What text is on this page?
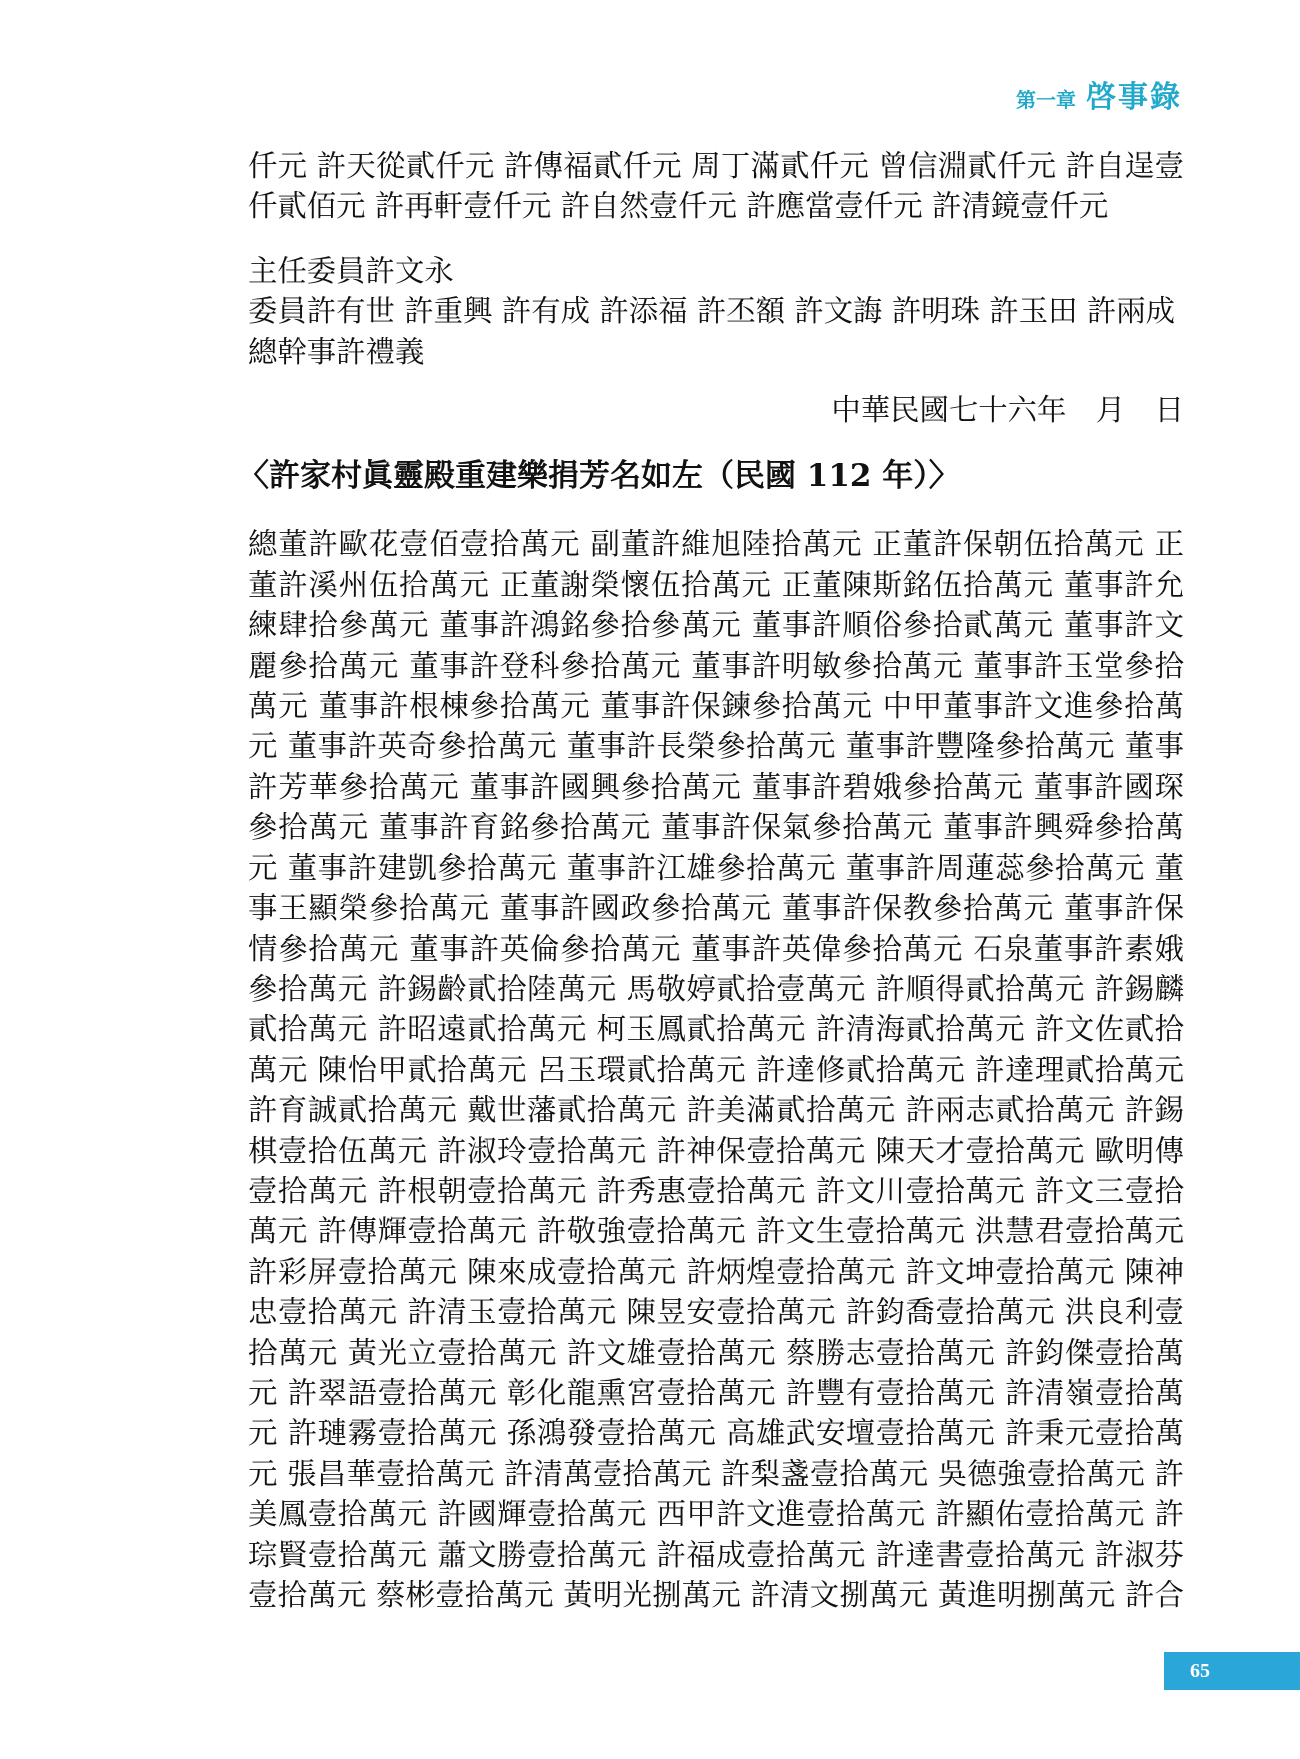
第一章 啓事錄
仟元 許天從貳仟元 許傳福貳仟元 周丁滿貳仟元 曾信淵貳仟元 許自逞壹
仟貳佰元 許再軒壹仟元 許自然壹仟元 許應當壹仟元 許清鏡壹仟元
主任委員許文永
委員許有世 許重興 許有成 許添福 許丕額 許文誨 許明珠 許玉田 許兩成
總幹事許禮義
中華民國七十六年　月　日
〈許家村眞靈殿重建樂捐芳名如左（民國 112 年）〉
總董許歐花壹佰壹拾萬元 副董許維旭陸拾萬元 正董許保朝伍拾萬元 正
董許溪州伍拾萬元 正董謝榮懷伍拾萬元 正董陳斯銘伍拾萬元 董事許允
練肆拾參萬元 董事許鴻銘參拾參萬元 董事許順俗參拾貳萬元 董事許文
麗參拾萬元 董事許登科參拾萬元 董事許明敏參拾萬元 董事許玉堂參拾
萬元 董事許根棟參拾萬元 董事許保鍊參拾萬元 中甲董事許文進參拾萬
元 董事許英奇參拾萬元 董事許長榮參拾萬元 董事許豐隆參拾萬元 董事
許芳華參拾萬元 董事許國興參拾萬元 董事許碧娥參拾萬元 董事許國琛
參拾萬元 董事許育銘參拾萬元 董事許保氣參拾萬元 董事許興舜參拾萬
元 董事許建凱參拾萬元 董事許江雄參拾萬元 董事許周蓮蕊參拾萬元 董
事王顯榮參拾萬元 董事許國政參拾萬元 董事許保教參拾萬元 董事許保
情參拾萬元 董事許英倫參拾萬元 董事許英偉參拾萬元 石泉董事許素娥
參拾萬元 許錫齡貳拾陸萬元 馬敬婷貳拾壹萬元 許順得貳拾萬元 許錫麟
貳拾萬元 許昭遠貳拾萬元 柯玉鳳貳拾萬元 許清海貳拾萬元 許文佐貳拾
萬元 陳怡甲貳拾萬元 呂玉環貳拾萬元 許達修貳拾萬元 許達理貳拾萬元
許育誠貳拾萬元 戴世藩貳拾萬元 許美滿貳拾萬元 許兩志貳拾萬元 許錫
棋壹拾伍萬元 許淑玲壹拾萬元 許神保壹拾萬元 陳天才壹拾萬元 歐明傳
壹拾萬元 許根朝壹拾萬元 許秀惠壹拾萬元 許文川壹拾萬元 許文三壹拾
萬元 許傳輝壹拾萬元 許敬強壹拾萬元 許文生壹拾萬元 洪慧君壹拾萬元
許彩屏壹拾萬元 陳來成壹拾萬元 許炳煌壹拾萬元 許文坤壹拾萬元 陳神
忠壹拾萬元 許清玉壹拾萬元 陳昱安壹拾萬元 許鈞喬壹拾萬元 洪良利壹
拾萬元 黃光立壹拾萬元 許文雄壹拾萬元 蔡勝志壹拾萬元 許鈞傑壹拾萬
元 許翠語壹拾萬元 彰化龍熏宮壹拾萬元 許豐有壹拾萬元 許清嶺壹拾萬
元 許璉霧壹拾萬元 孫鴻發壹拾萬元 高雄武安壇壹拾萬元 許秉元壹拾萬
元 張昌華壹拾萬元 許清萬壹拾萬元 許梨盞壹拾萬元 吳德強壹拾萬元 許
美鳳壹拾萬元 許國輝壹拾萬元 西甲許文進壹拾萬元 許顯佑壹拾萬元 許
琮賢壹拾萬元 蕭文勝壹拾萬元 許福成壹拾萬元 許達書壹拾萬元 許淑芬
壹拾萬元 蔡彬壹拾萬元 黃明光捌萬元 許清文捌萬元 黃進明捌萬元 許合
65
